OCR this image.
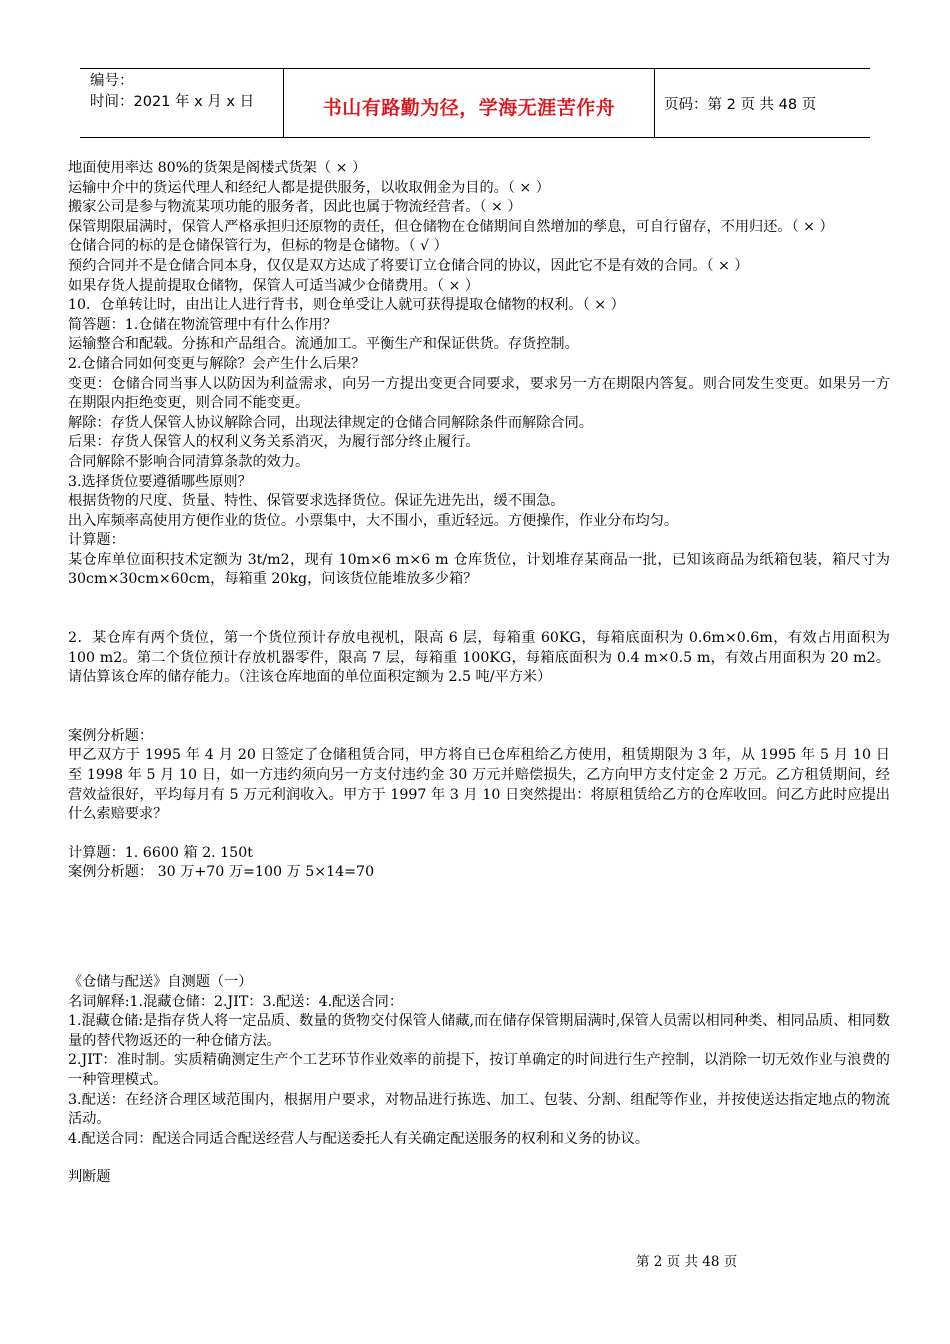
编号：
时间：2021 年 x 月 x 日	书山有路勤为径，学海无涯苦作舟	页码：第 2 页 共 48 页

地面使用率达 80%的货架是阁楼式货架（ × ）

运输中介中的货运代理人和经纪人都是提供服务，以收取佣金为目的。（ × ）

搬家公司是参与物流某项功能的服务者，因此也属于物流经营者。（ × ）

保管期限届满时，保管人严格承担归还原物的责任，但仓储物在仓储期间自然增加的孳息，可自行留存，不用归还。（ × ）

仓储合同的标的是仓储保管行为，但标的物是仓储物。（ √ ）

预约合同并不是仓储合同本身，仅仅是双方达成了将要订立仓储合同的协议，因此它不是有效的合同。（ × ）

如果存货人提前提取仓储物，保管人可适当减少仓储费用。（ × ）

10．仓单转让时，由出让人进行背书，则仓单受让人就可获得提取仓储物的权利。（ × ）

简答题：1.仓储在物流管理中有什么作用？

运输整合和配载。分拣和产品组合。流通加工。平衡生产和保证供货。存货控制。

2.仓储合同如何变更与解除？会产生什么后果？

变更：仓储合同当事人以防因为利益需求，向另一方提出变更合同要求，要求另一方在期限内答复。则合同发生变更。如果另一方在期限内拒绝变更，则合同不能变更。

解除：存货人保管人协议解除合同，出现法律规定的仓储合同解除条件而解除合同。

后果：存货人保管人的权利义务关系消灭，为履行部分终止履行。

合同解除不影响合同清算条款的效力。

3.选择货位要遵循哪些原则？

根据货物的尺度、货量、特性、保管要求选择货位。保证先进先出，缓不围急。

出入库频率高使用方便作业的货位。小票集中，大不围小，重近轻远。方便操作，作业分布均匀。

计算题：

某仓库单位面积技术定额为 3t/m2，现有 10m×6 m×6 m 仓库货位，计划堆存某商品一批，已知该商品为纸箱包装，箱尺寸为 30cm×30cm×60cm，每箱重 20kg，问该货位能堆放多少箱？

2．某仓库有两个货位，第一个货位预计存放电视机，限高 6 层，每箱重 60KG，每箱底面积为 0.6m×0.6m，有效占用面积为 100 m2。第二个货位预计存放机器零件，限高 7 层，每箱重 100KG，每箱底面积为 0.4 m×0.5 m，有效占用面积为 20 m2。请估算该仓库的储存能力。（注该仓库地面的单位面积定额为 2.5 吨/平方米）

案例分析题：

甲乙双方于 1995 年 4 月 20 日签定了仓储租赁合同，甲方将自已仓库租给乙方使用，租赁期限为 3 年，从 1995 年 5 月 10 日至 1998 年 5 月 10 日，如一方违约须向另一方支付违约金 30 万元并赔偿损失，乙方向甲方支付定金 2 万元。乙方租赁期间，经营效益很好，平均每月有 5 万元利润收入。甲方于 1997 年 3 月 10 日突然提出：将原租赁给乙方的仓库收回。问乙方此时应提出什么索赔要求？

计算题：1. 6600 箱 2. 150t

案例分析题： 30 万+70 万=100 万 5×14=70

《仓储与配送》自测题（一）

名词解释:1.混藏仓储：2.JIT：3.配送：4.配送合同：

1.混藏仓储:是指存货人将一定品质、数量的货物交付保管人储藏,而在储存保管期届满时,保管人员需以相同种类、相同品质、相同数量的替代物返还的一种仓储方法。

2.JIT：准时制。实质精确测定生产个工艺环节作业效率的前提下，按订单确定的时间进行生产控制，以消除一切无效作业与浪费的一种管理模式。

3.配送：在经济合理区域范围内，根据用户要求，对物品进行拣选、加工、包装、分割、组配等作业，并按使送达指定地点的物流活动。

4.配送合同：配送合同适合配送经营人与配送委托人有关确定配送服务的权利和义务的协议。

判断题

第 2 页 共 48 页
